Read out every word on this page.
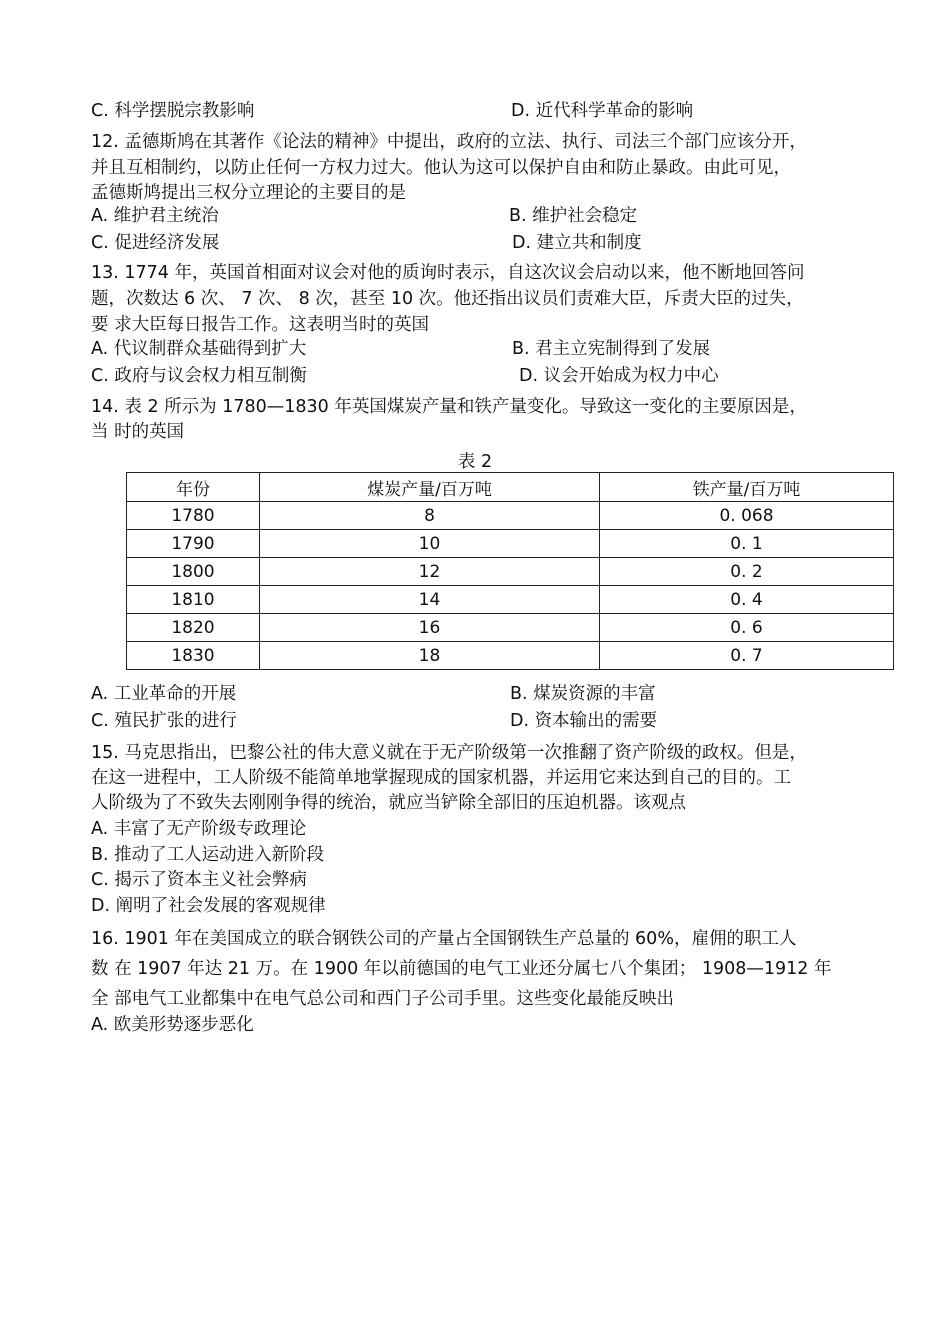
C. 科学摆脱宗教影响	D. 近代科学革命的影响
12. 孟德斯鸠在其著作《论法的精神》中提出，政府的立法、执行、司法三个部门应该分开，
并且互相制约，以防止任何一方权力过大。他认为这可以保护自由和防止暴政。由此可见，
孟德斯鸠提出三权分立理论的主要目的是
A. 维护君主统治	B. 维护社会稳定
C. 促进经济发展	D. 建立共和制度
13. 1774 年，英国首相面对议会对他的质询时表示，自这次议会启动以来，他不断地回答问
题，次数达 6 次、 7 次、 8 次，甚至 10 次。他还指出议员们责难大臣，斥责大臣的过失，
要 求大臣每日报告工作。这表明当时的英国
A. 代议制群众基础得到扩大	B. 君主立宪制得到了发展
C. 政府与议会权力相互制衡	D. 议会开始成为权力中心
14. 表 2 所示为 1780—1830 年英国煤炭产量和铁产量变化。导致这一变化的主要原因是，
当 时的英国
表 2
年份	煤炭产量/百万吨	铁产量/百万吨
1780	8	0. 068
1790	10	0. 1
1800	12	0. 2
1810	14	0. 4
1820	16	0. 6
1830	18	0. 7
A. 工业革命的开展	B. 煤炭资源的丰富
C. 殖民扩张的进行	D. 资本输出的需要
15. 马克思指出，巴黎公社的伟大意义就在于无产阶级第一次推翻了资产阶级的政权。但是，
在这一进程中，工人阶级不能简单地掌握现成的国家机器，并运用它来达到自己的目的。工
人阶级为了不致失去刚刚争得的统治，就应当铲除全部旧的压迫机器。该观点
A. 丰富了无产阶级专政理论
B. 推动了工人运动进入新阶段
C. 揭示了资本主义社会弊病
D. 阐明了社会发展的客观规律
16. 1901 年在美国成立的联合钢铁公司的产量占全国钢铁生产总量的 60%，雇佣的职工人
数 在 1907 年达 21 万。在 1900 年以前德国的电气工业还分属七八个集团； 1908—1912 年
全 部电气工业都集中在电气总公司和西门子公司手里。这些变化最能反映出
A. 欧美形势逐步恶化
